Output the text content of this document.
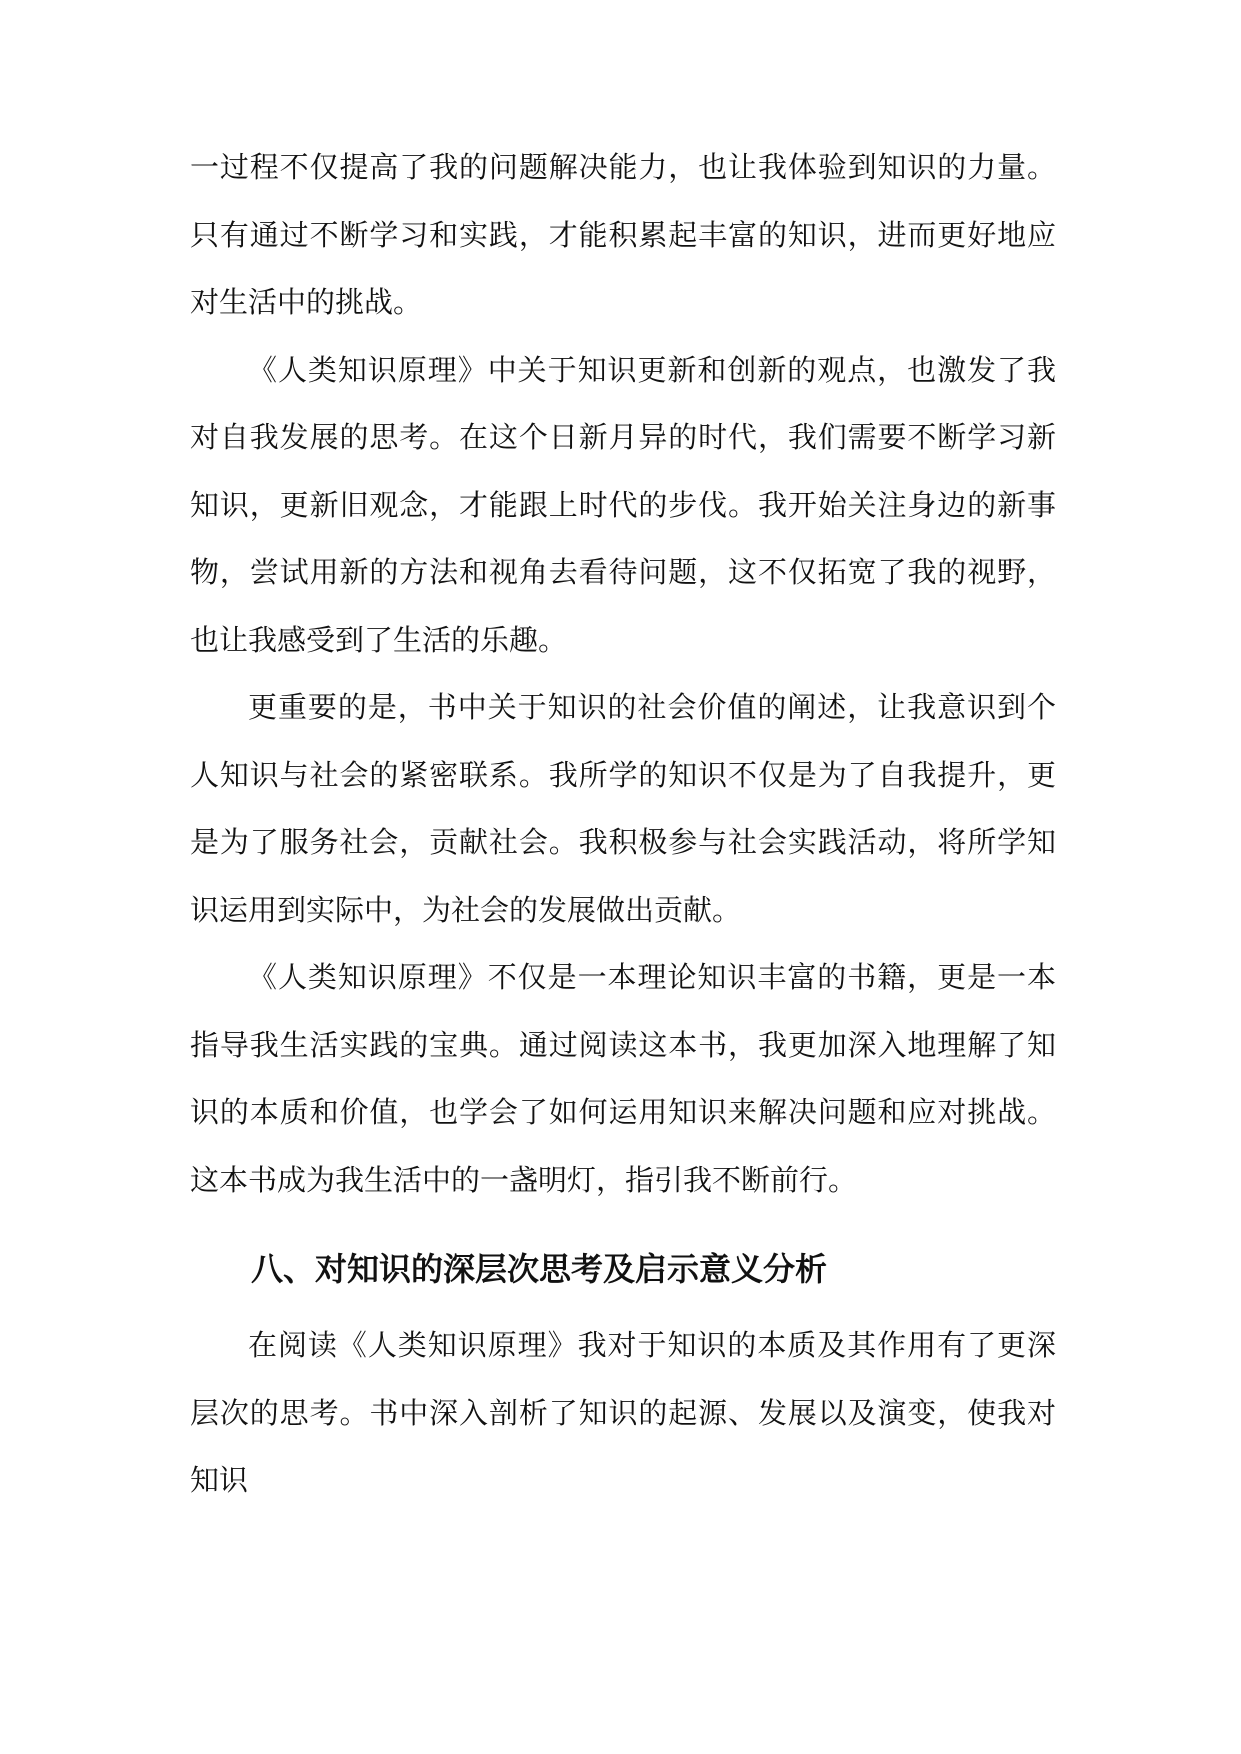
一过程不仅提高了我的问题解决能力，也让我体验到知识的力量。只有通过不断学习和实践，才能积累起丰富的知识，进而更好地应对生活中的挑战。

《人类知识原理》中关于知识更新和创新的观点，也激发了我对自我发展的思考。在这个日新月异的时代，我们需要不断学习新知识，更新旧观念，才能跟上时代的步伐。我开始关注身边的新事物，尝试用新的方法和视角去看待问题，这不仅拓宽了我的视野，也让我感受到了生活的乐趣。

更重要的是，书中关于知识的社会价值的阐述，让我意识到个人知识与社会的紧密联系。我所学的知识不仅是为了自我提升，更是为了服务社会，贡献社会。我积极参与社会实践活动，将所学知识运用到实际中，为社会的发展做出贡献。

《人类知识原理》不仅是一本理论知识丰富的书籍，更是一本指导我生活实践的宝典。通过阅读这本书，我更加深入地理解了知识的本质和价值，也学会了如何运用知识来解决问题和应对挑战。这本书成为我生活中的一盏明灯，指引我不断前行。

八、对知识的深层次思考及启示意义分析

在阅读《人类知识原理》我对于知识的本质及其作用有了更深层次的思考。书中深入剖析了知识的起源、发展以及演变，使我对知识
